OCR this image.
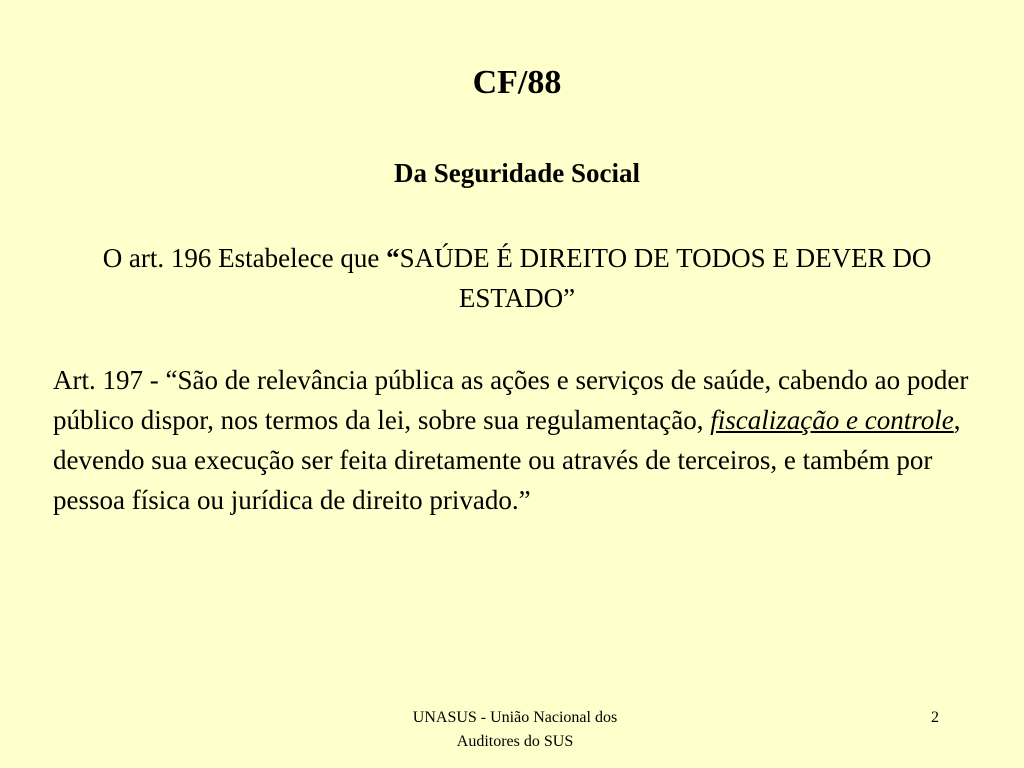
CF/88
Da Seguridade Social

O art. 196 Estabelece que “SAÚDE É DIREITO DE TODOS E DEVER DO ESTADO”

Art. 197 - “São de relevância pública as ações e serviços de saúde, cabendo ao poder público dispor, nos termos da lei, sobre sua regulamentação, fiscalização e controle, devendo sua execução ser feita diretamente ou através de terceiros, e também por pessoa física ou jurídica de direito privado.”

UNASUS - União Nacional dos
Auditores do SUS
2
